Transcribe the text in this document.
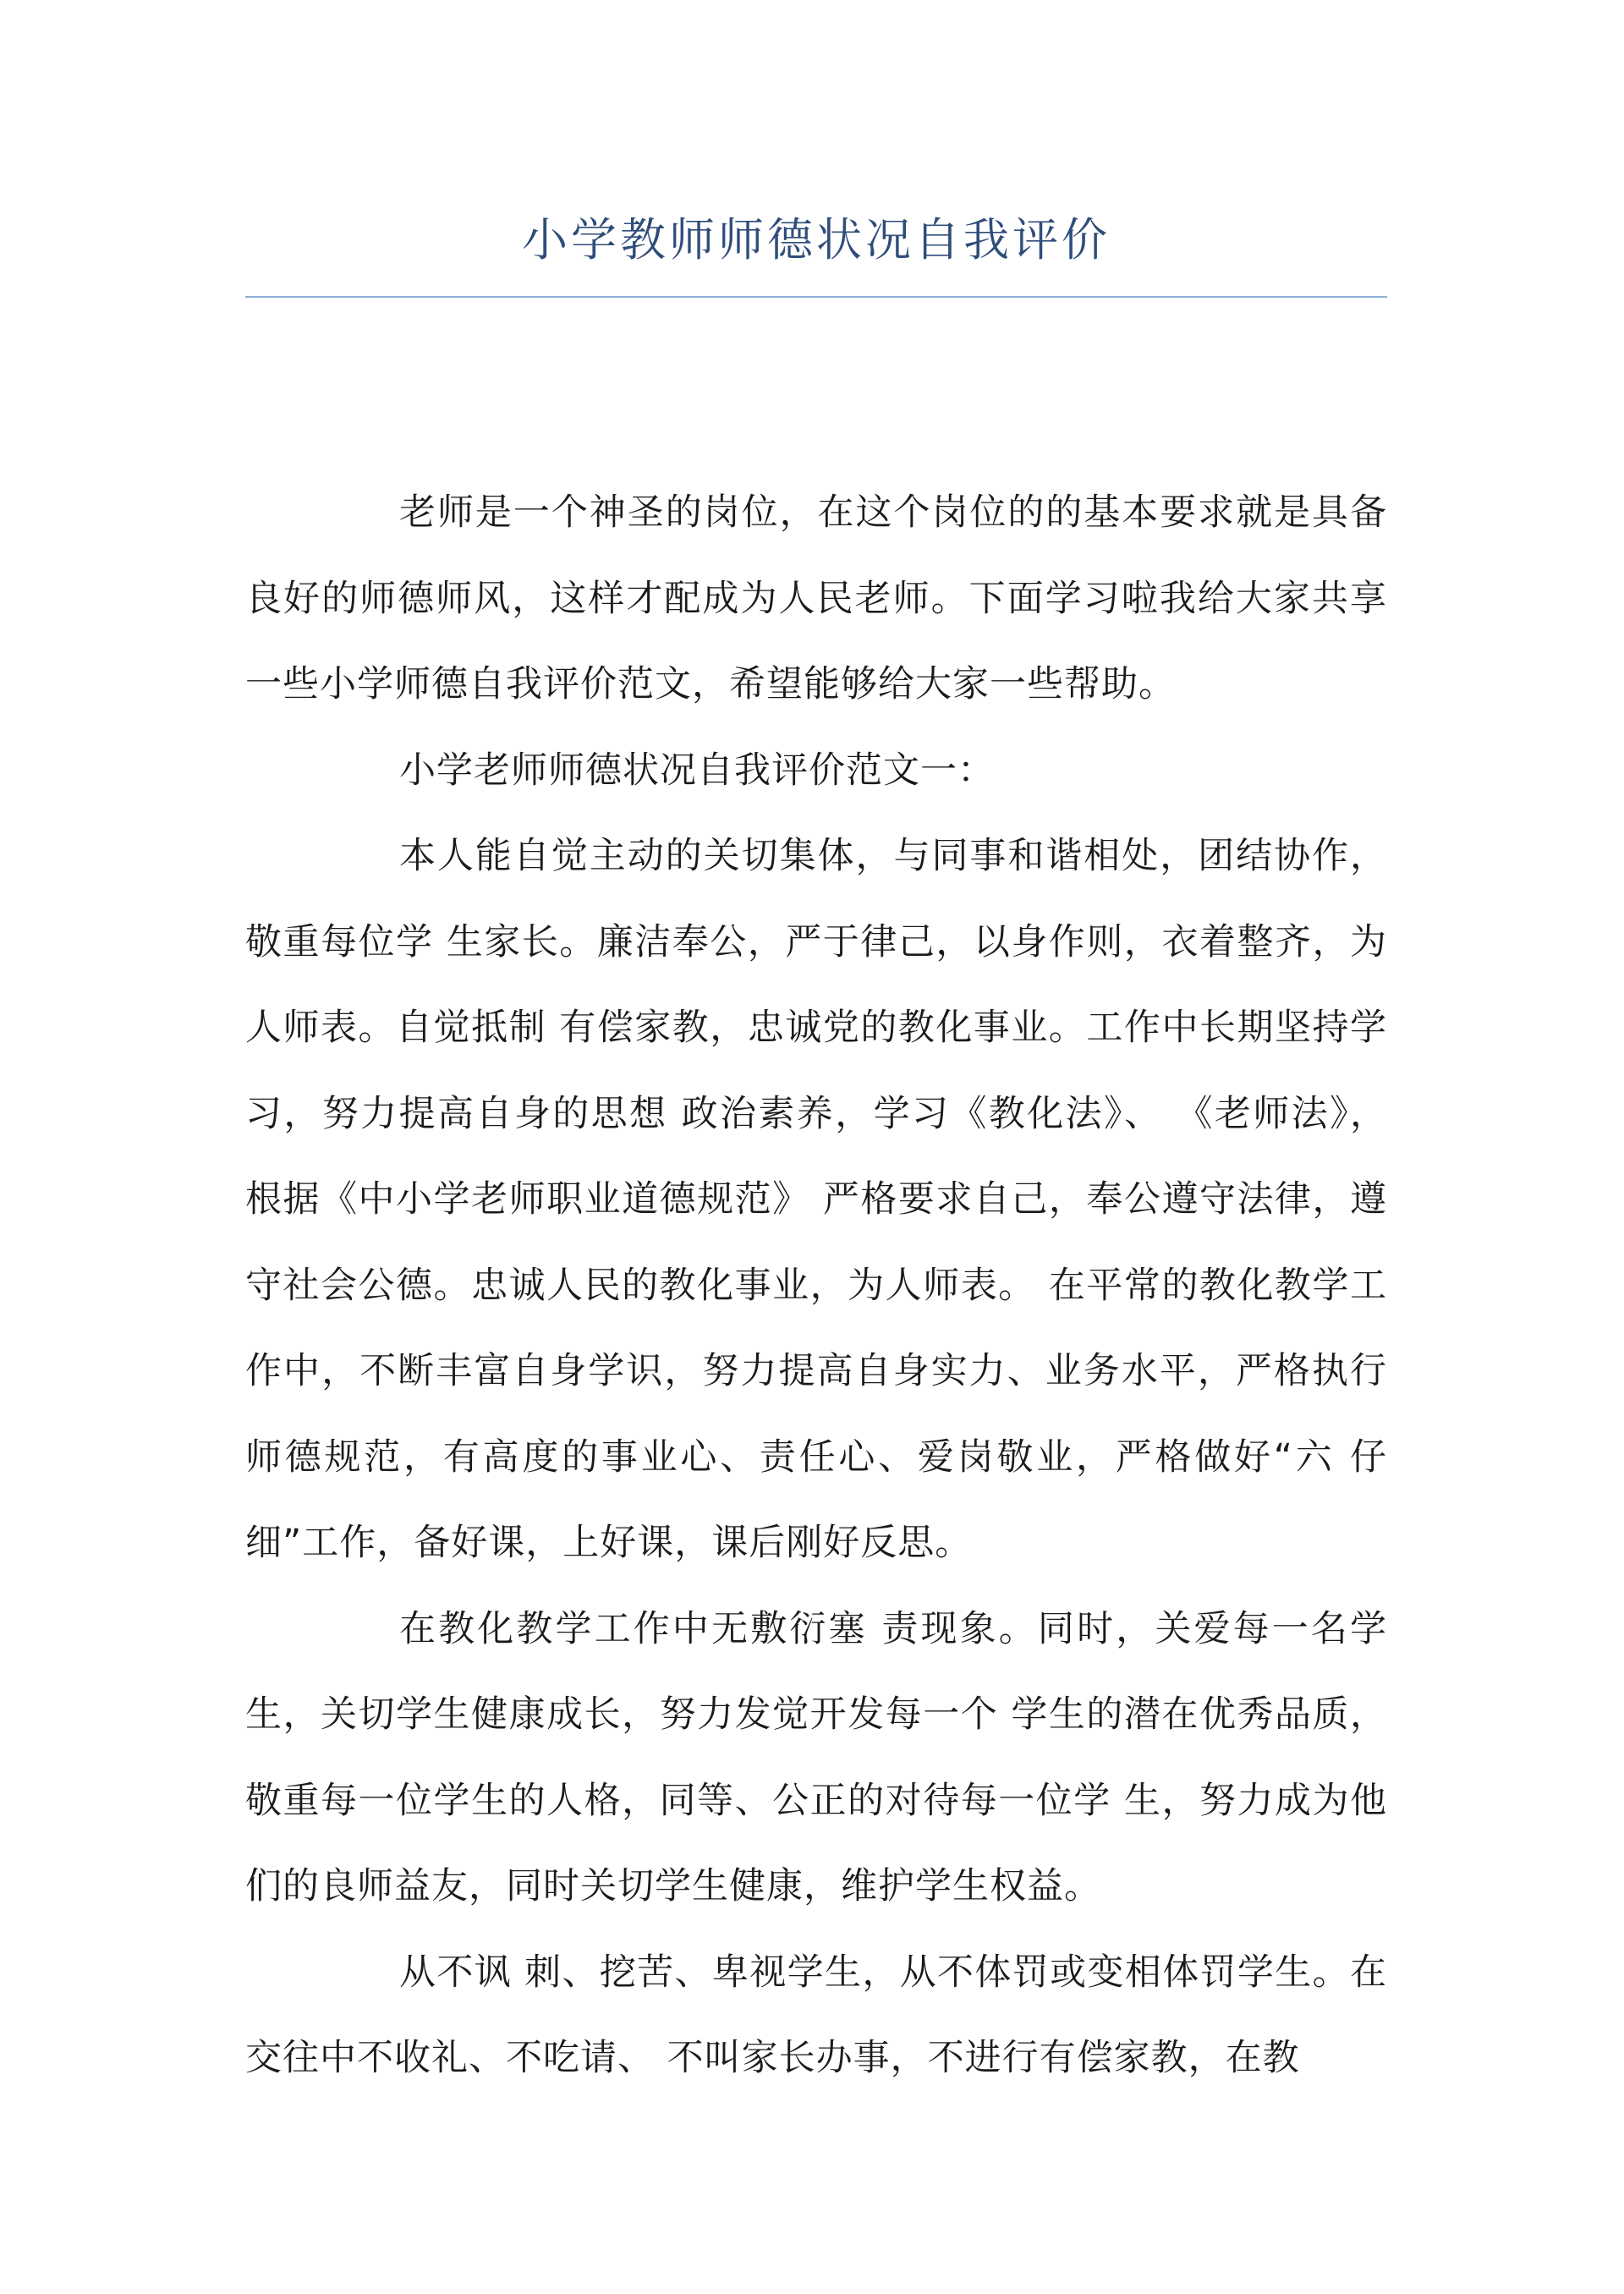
小学教师师德状况自我评价

老师是一个神圣的岗位，在这个岗位的的基本要求就是具备良好的师德师风，这样才配成为人民老师。下面学习啦我给大家共享一些小学师德自我评价范文，希望能够给大家一些帮助。

小学老师师德状况自我评价范文一：

本人能自觉主动的关切集体，与同事和谐相处，团结协作，敬重每位学 生家长。廉洁奉公，严于律己，以身作则，衣着整齐，为人师表。自觉抵制 有偿家教，忠诚党的教化事业。工作中长期坚持学习，努力提高自身的思想 政治素养，学习《教化法》、 《老师法》，根据《中小学老师职业道德规范》 严格要求自己，奉公遵守法律，遵守社会公德。忠诚人民的教化事业，为人师表。 在平常的教化教学工作中，不断丰富自身学识，努力提高自身实力、业务水平，严格执行师德规范，有高度的事业心、责任心、爱岗敬业，严格做好“六 仔细”工作，备好课，上好课，课后刚好反思。

在教化教学工作中无敷衍塞 责现象。同时，关爱每一名学生，关切学生健康成长，努力发觉开发每一个 学生的潜在优秀品质，敬重每一位学生的人格，同等、公正的对待每一位学 生，努力成为他们的良师益友，同时关切学生健康，维护学生权益。

从不讽 刺、挖苦、卑视学生，从不体罚或变相体罚学生。在交往中不收礼、不吃请、 不叫家长办事，不进行有偿家教，在教
